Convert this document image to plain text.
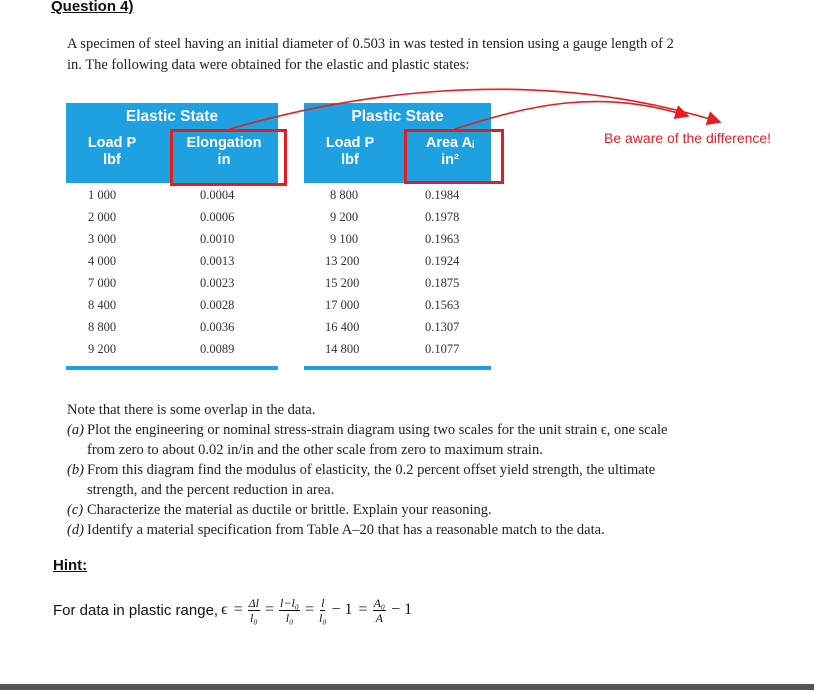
Question 4)
A specimen of steel having an initial diameter of 0.503 in was tested in tension using a gauge length of 2 in. The following data were obtained for the elastic and plastic states:
Elastic State
Load P
lbf
Elongation
in
Plastic State
Load P
lbf
Area Aᵢ
in²
1 000	0.0004
2 000	0.0006
3 000	0.0010
4 000	0.0013
7 000	0.0023
8 400	0.0028
8 800	0.0036
9 200	0.0089
8 800	0.1984
9 200	0.1978
9 100	0.1963
13 200	0.1924
15 200	0.1875
17 000	0.1563
16 400	0.1307
14 800	0.1077
Be aware of the difference!
Note that there is some overlap in the data.
(a) Plot the engineering or nominal stress-strain diagram using two scales for the unit strain ϵ, one scale from zero to about 0.02 in/in and the other scale from zero to maximum strain.
(b) From this diagram find the modulus of elasticity, the 0.2 percent offset yield strength, the ultimate strength, and the percent reduction in area.
(c) Characterize the material as ductile or brittle. Explain your reasoning.
(d) Identify a material specification from Table A–20 that has a reasonable match to the data.
Hint:
For data in plastic range, $\epsilon = \frac{\Delta l}{\text{l₀}} = \frac{\text{l−l₀}}{\text{l₀}} = \frac{l}{\text{l₀}} - 1 = \frac{\text{A₀}}{A} - 1$
